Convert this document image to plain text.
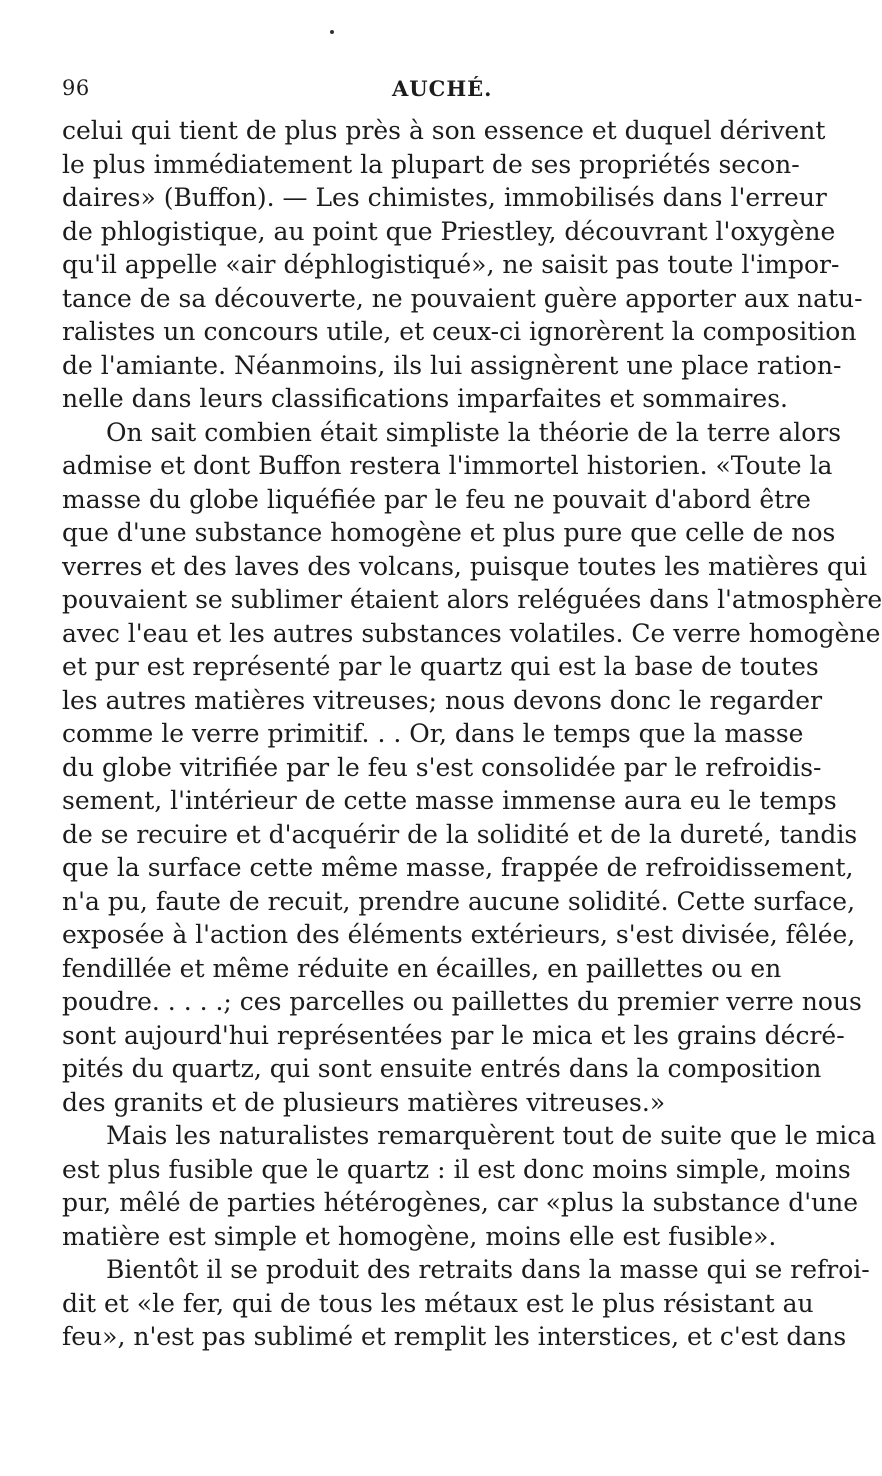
96	AUCHÉ.
celui qui tient de plus près à son essence et duquel dérivent
le plus immédiatement la plupart de ses propriétés secon-
daires» (Buffon). — Les chimistes, immobilisés dans l'erreur
de phlogistique, au point que Priestley, découvrant l'oxygène
qu'il appelle «air déphlogistiqué», ne saisit pas toute l'impor-
tance de sa découverte, ne pouvaient guère apporter aux natu-
ralistes un concours utile, et ceux-ci ignorèrent la composition
de l'amiante. Néanmoins, ils lui assignèrent une place ration-
nelle dans leurs classifications imparfaites et sommaires.
On sait combien était simpliste la théorie de la terre alors
admise et dont Buffon restera l'immortel historien. «Toute la
masse du globe liquéfiée par le feu ne pouvait d'abord être
que d'une substance homogène et plus pure que celle de nos
verres et des laves des volcans, puisque toutes les matières qui
pouvaient se sublimer étaient alors reléguées dans l'atmosphère
avec l'eau et les autres substances volatiles. Ce verre homogène
et pur est représenté par le quartz qui est la base de toutes
les autres matières vitreuses; nous devons donc le regarder
comme le verre primitif. . . Or, dans le temps que la masse
du globe vitrifiée par le feu s'est consolidée par le refroidis-
sement, l'intérieur de cette masse immense aura eu le temps
de se recuire et d'acquérir de la solidité et de la dureté, tandis
que la surface cette même masse, frappée de refroidissement,
n'a pu, faute de recuit, prendre aucune solidité. Cette surface,
exposée à l'action des éléments extérieurs, s'est divisée, fêlée,
fendillée et même réduite en écailles, en paillettes ou en
poudre. . . . .; ces parcelles ou paillettes du premier verre nous
sont aujourd'hui représentées par le mica et les grains décré-
pités du quartz, qui sont ensuite entrés dans la composition
des granits et de plusieurs matières vitreuses.»
Mais les naturalistes remarquèrent tout de suite que le mica
est plus fusible que le quartz : il est donc moins simple, moins
pur, mêlé de parties hétérogènes, car «plus la substance d'une
matière est simple et homogène, moins elle est fusible».
Bientôt il se produit des retraits dans la masse qui se refroi-
dit et «le fer, qui de tous les métaux est le plus résistant au
feu», n'est pas sublimé et remplit les interstices, et c'est dans
